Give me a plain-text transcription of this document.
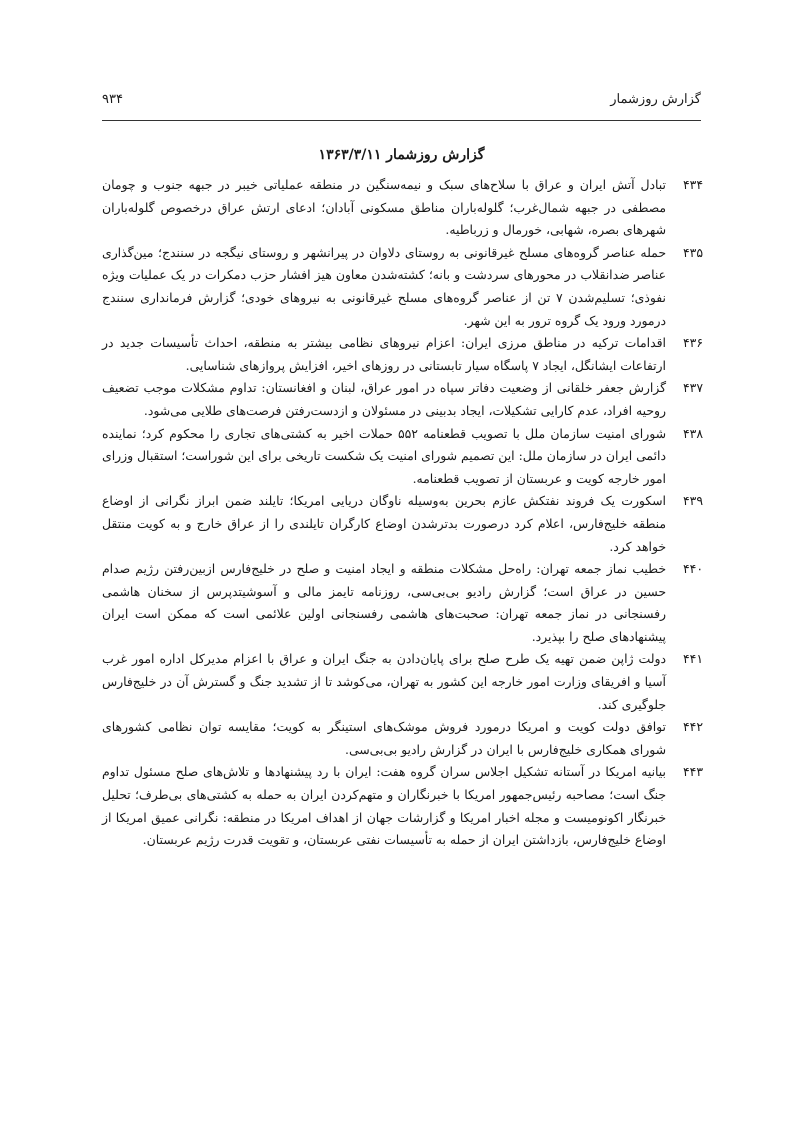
گزارش روزشمار
۹۳۴
گزارش روزشمار ۱۳۶۳/۳/۱۱

۴۳۴
تبادل آتش ایران و عراق با سلاح‌های سبک و نیمه‌سنگین در منطقه عملیاتی خیبر در جبهه جنوب و چومان مصطفی در جبهه شمال‌غرب؛ گلوله‌باران مناطق مسکونی آبادان؛ ادعای ارتش عراق درخصوص گلوله‌باران شهرهای بصره، شهابی، خورمال و زرباطیه.

۴۳۵
حمله عناصر گروه‌های مسلح غیرقانونی به روستای دلاوان در پیرانشهر و روستای نیگجه در سنندج؛ مین‌گذاری عناصر ضدانقلاب در محورهای سردشت و بانه؛ کشته‌شدن معاون هیز افشار حزب دمکرات در یک عملیات ویژه نفوذی؛ تسلیم‌شدن ۷ تن از عناصر گروه‌های مسلح غیرقانونی به نیروهای خودی؛ گزارش فرمانداری سنندج درمورد ورود یک گروه ترور به این شهر.

۴۳۶
اقدامات ترکیه در مناطق مرزی ایران: اعزام نیروهای نظامی بیشتر به منطقه، احداث تأسیسات جدید در ارتفاعات ایشانگل، ایجاد ۷ پاسگاه سیار تابستانی در روزهای اخیر، افزایش پروازهای شناسایی.

۴۳۷
گزارش جعفر خلقانی از وضعیت دفاتر سپاه در امور عراق، لبنان و افغانستان: تداوم مشکلات موجب تضعیف روحیه افراد، عدم کارایی تشکیلات، ایجاد بدبینی در مسئولان و ازدست‌رفتن فرصت‌های طلایی می‌شود.

۴۳۸
شورای امنیت سازمان ملل با تصویب قطعنامه ۵۵۲ حملات اخیر به کشتی‌های تجاری را محکوم کرد؛ نماینده دائمی ایران در سازمان ملل: این تصمیم شورای امنیت یک شکست تاریخی برای این شوراست؛ استقبال وزرای امور خارجه کویت و عربستان از تصویب قطعنامه.

۴۳۹
اسکورت یک فروند نفتکش عازم بحرین به‌وسیله ناوگان دریایی امریکا؛ تایلند ضمن ابراز نگرانی از اوضاع منطقه خلیج‌فارس، اعلام کرد درصورت بدترشدن اوضاع کارگران تایلندی را از عراق خارج و به کویت منتقل خواهد کرد.

۴۴۰
خطیب نماز جمعه تهران: راه‌حل مشکلات منطقه و ایجاد امنیت و صلح در خلیج‌فارس ازبین‌رفتن رژیم صدام حسین در عراق است؛ گزارش رادیو بی‌بی‌سی، روزنامه تایمز مالی و آسوشیتدپرس از سخنان هاشمی رفسنجانی در نماز جمعه تهران: صحبت‌های هاشمی رفسنجانی اولین علائمی است که ممکن است ایران پیشنهادهای صلح را بپذیرد.

۴۴۱
دولت ژاپن ضمن تهیه یک طرح صلح برای پایان‌دادن به جنگ ایران و عراق با اعزام مدیرکل اداره امور غرب آسیا و افریقای وزارت امور خارجه این کشور به تهران، می‌کوشد تا از تشدید جنگ و گسترش آن در خلیج‌فارس جلوگیری کند.

۴۴۲
توافق دولت کویت و امریکا درمورد فروش موشک‌های استینگر به کویت؛ مقایسه توان نظامی کشورهای شورای همکاری خلیج‌فارس با ایران در گزارش رادیو بی‌بی‌سی.

۴۴۳
بیانیه امریکا در آستانه تشکیل اجلاس سران گروه هفت: ایران با رد پیشنهادها و تلاش‌های صلح مسئول تداوم جنگ است؛ مصاحبه رئیس‌جمهور امریکا با خبرنگاران و متهم‌کردن ایران به حمله به کشتی‌های بی‌طرف؛ تحلیل خبرنگار اکونومیست و مجله اخبار امریکا و گزارشات جهان از اهداف امریکا در منطقه: نگرانی عمیق امریکا از اوضاع خلیج‌فارس، بازداشتن ایران از حمله به تأسیسات نفتی عربستان، و تقویت قدرت رژیم عربستان.
